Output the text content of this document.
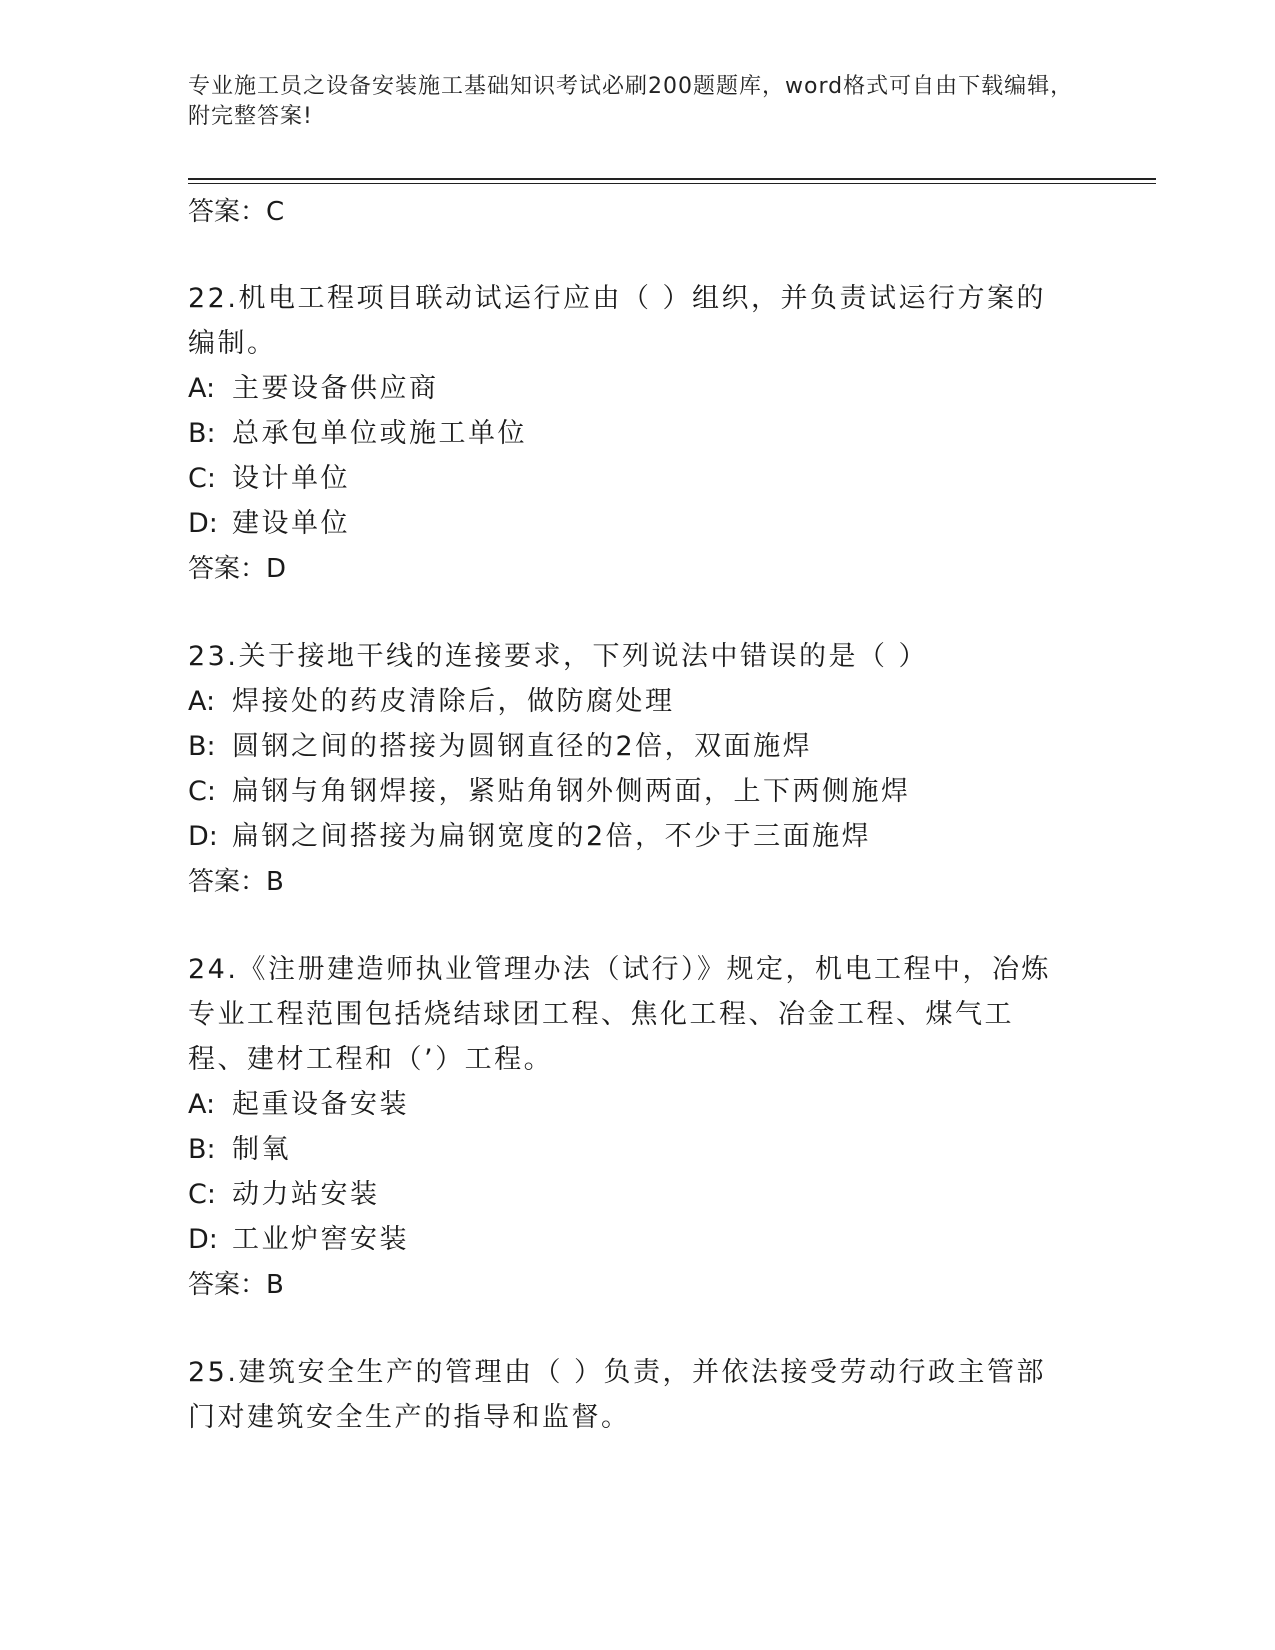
专业施工员之设备安装施工基础知识考试必刷200题题库，word格式可自由下载编辑，附完整答案!
答案：C

22.机电工程项目联动试运行应由（ ）组织，并负责试运行方案的编制。

A: 主要设备供应商
B: 总承包单位或施工单位
C: 设计单位
D: 建设单位
答案：D

23.关于接地干线的连接要求，下列说法中错误的是（ ）

A: 焊接处的药皮清除后，做防腐处理
B: 圆钢之间的搭接为圆钢直径的2倍，双面施焊
C: 扁钢与角钢焊接，紧贴角钢外侧两面，上下两侧施焊
D: 扁钢之间搭接为扁钢宽度的2倍，不少于三面施焊
答案：B

24.《注册建造师执业管理办法（试行）》规定，机电工程中，冶炼专业工程范围包括烧结球团工程、焦化工程、冶金工程、煤气工程、建材工程和（’）工程。

A: 起重设备安装
B: 制氧
C: 动力站安装
D: 工业炉窖安装
答案：B

25.建筑安全生产的管理由（ ）负责，并依法接受劳动行政主管部门对建筑安全生产的指导和监督。
